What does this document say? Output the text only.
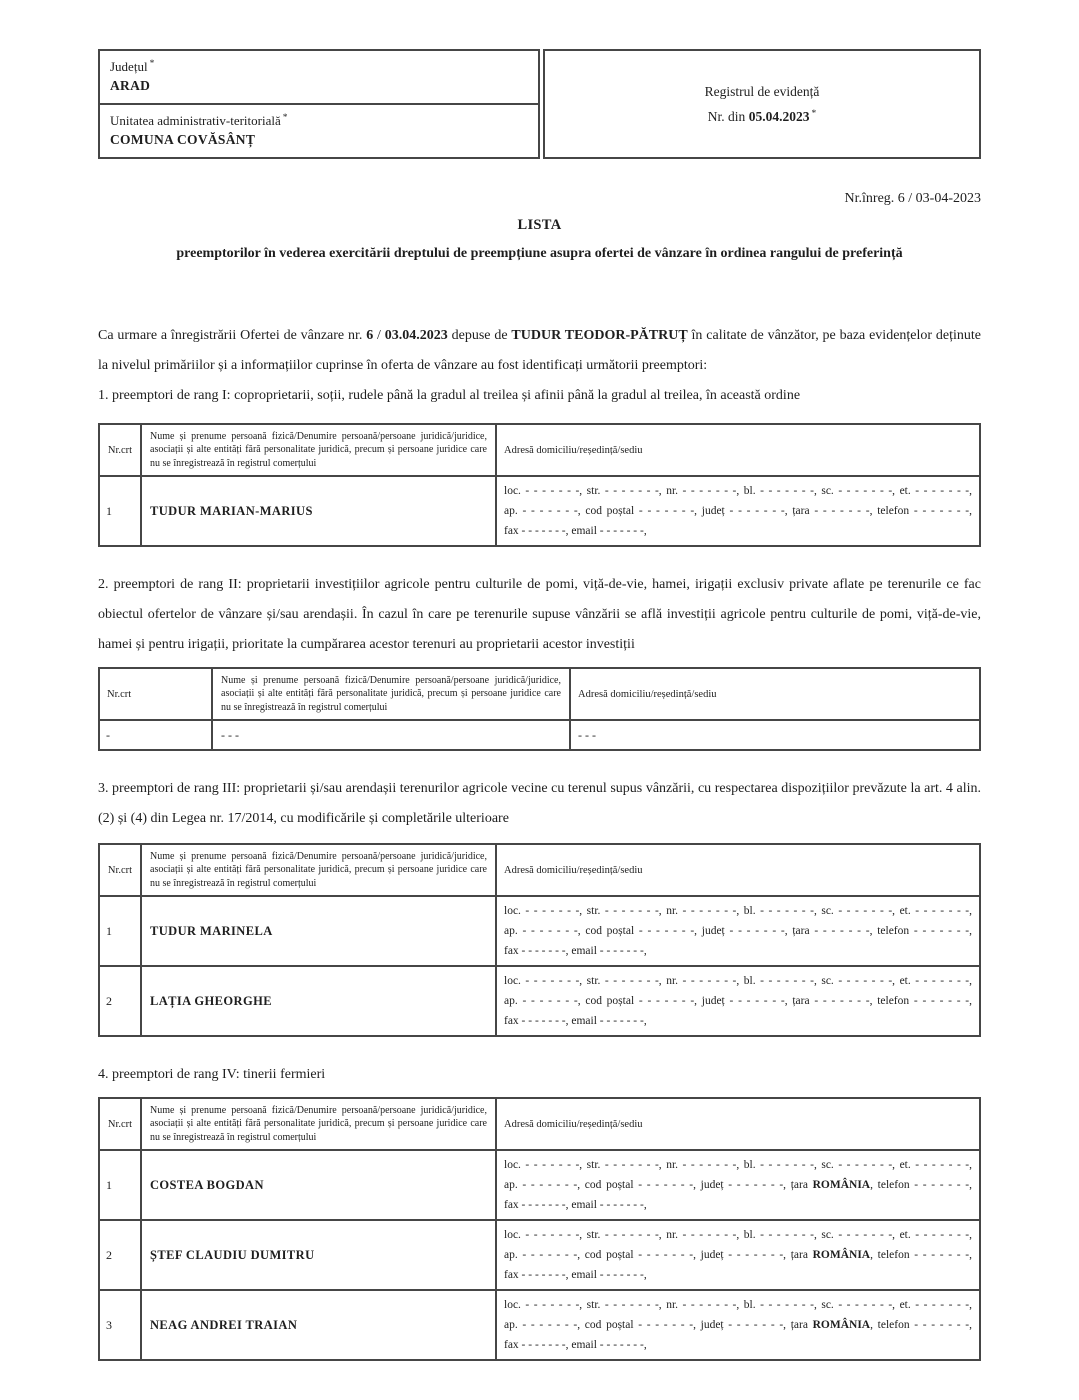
Județul *
ARAD
Unitatea administrativ-teritorială *
COMUNA COVĂSÂNȚ
Registrul de evidență
Nr. din 05.04.2023 *
Nr.înreg. 6 / 03-04-2023
LISTA
preemptorilor în vederea exercitării dreptului de preempțiune asupra ofertei de vânzare în ordinea rangului de preferință

Ca urmare a înregistrării Ofertei de vânzare nr. 6 / 03.04.2023 depuse de TUDUR TEODOR-PĂTRUȚ în calitate de vânzător, pe baza evidențelor deținute la nivelul primăriilor și a informațiilor cuprinse în oferta de vânzare au fost identificați următorii preemptori:

1. preemptori de rang I: coproprietarii, soții, rudele până la gradul al treilea și afinii până la gradul al treilea, în această ordine
Nr.crt	Nume și prenume persoană fizică/Denumire persoană/persoane juridică/juridice, asociații și alte entități fără personalitate juridică, precum și persoane juridice care nu se înregistrează în registrul comerțului	Adresă domiciliu/reședință/sediu
1	TUDUR MARIAN-MARIUS	loc. - - - - - - -, str. - - - - - - -, nr. - - - - - - -, bl. - - - - - - -, sc. - - - - - - -, et. - - - - - - -,
ap. - - - - - - -, cod poștal - - - - - - -, județ - - - - - - -, țara - - - - - - -, telefon - - - - - - -,
fax - - - - - - -, email - - - - - - -,

2. preemptori de rang II: proprietarii investițiilor agricole pentru culturile de pomi, viță-de-vie, hamei, irigații exclusiv private aflate pe terenurile ce fac obiectul ofertelor de vânzare și/sau arendașii. În cazul în care pe terenurile supuse vânzării se află investiții agricole pentru culturile de pomi, viță-de-vie, hamei și pentru irigații, prioritate la cumpărarea acestor terenuri au proprietarii acestor investiții

Nr.crt	Nume și prenume persoană fizică/Denumire persoană/persoane juridică/juridice, asociații și alte entități fără personalitate juridică, precum și persoane juridice care nu se înregistrează în registrul comerțului	Adresă domiciliu/reședință/sediu
-	- - -	- - -

3. preemptori de rang III: proprietarii și/sau arendașii terenurilor agricole vecine cu terenul supus vânzării, cu respectarea dispozițiilor prevăzute la art. 4 alin. (2) și (4) din Legea nr. 17/2014, cu modificările și completările ulterioare

Nr.crt	Nume și prenume persoană fizică/Denumire persoană/persoane juridică/juridice, asociații și alte entități fără personalitate juridică, precum și persoane juridice care nu se înregistrează în registrul comerțului	Adresă domiciliu/reședință/sediu
1	TUDUR MARINELA	loc. - - - - - - -, str. - - - - - - -, nr. - - - - - - -, bl. - - - - - - -, sc. - - - - - - -, et. - - - - - - -,
ap. - - - - - - -, cod poștal - - - - - - -, județ - - - - - - -, țara - - - - - - -, telefon - - - - - - -,
fax - - - - - - -, email - - - - - - -,

2	LAȚIA GHEORGHE	loc. - - - - - - -, str. - - - - - - -, nr. - - - - - - -, bl. - - - - - - -, sc. - - - - - - -, et. - - - - - - -,
ap. - - - - - - -, cod poștal - - - - - - -, județ - - - - - - -, țara - - - - - - -, telefon - - - - - - -,
fax - - - - - - -, email - - - - - - -,

4. preemptori de rang IV: tinerii fermieri

Nr.crt	Nume și prenume persoană fizică/Denumire persoană/persoane juridică/juridice, asociații și alte entități fără personalitate juridică, precum și persoane juridice care nu se înregistrează în registrul comerțului	Adresă domiciliu/reședință/sediu
1	COSTEA BOGDAN	loc. - - - - - - -, str. - - - - - - -, nr. - - - - - - -, bl. - - - - - - -, sc. - - - - - - -, et. - - - - - - -,
ap. - - - - - - -, cod poștal - - - - - - -, județ - - - - - - -, țara ROMÂNIA, telefon - - - - - - -,
fax - - - - - - -, email - - - - - - -,

2	ȘTEF CLAUDIU DUMITRU	loc. - - - - - - -, str. - - - - - - -, nr. - - - - - - -, bl. - - - - - - -, sc. - - - - - - -, et. - - - - - - -,
ap. - - - - - - -, cod poștal - - - - - - -, județ - - - - - - -, țara ROMÂNIA, telefon - - - - - - -,
fax - - - - - - -, email - - - - - - -,

3	NEAG ANDREI TRAIAN	loc. - - - - - - -, str. - - - - - - -, nr. - - - - - - -, bl. - - - - - - -, sc. - - - - - - -, et. - - - - - - -,
ap. - - - - - - -, cod poștal - - - - - - -, județ - - - - - - -, țara ROMÂNIA, telefon - - - - - - -,
fax - - - - - - -, email - - - - - - -,
